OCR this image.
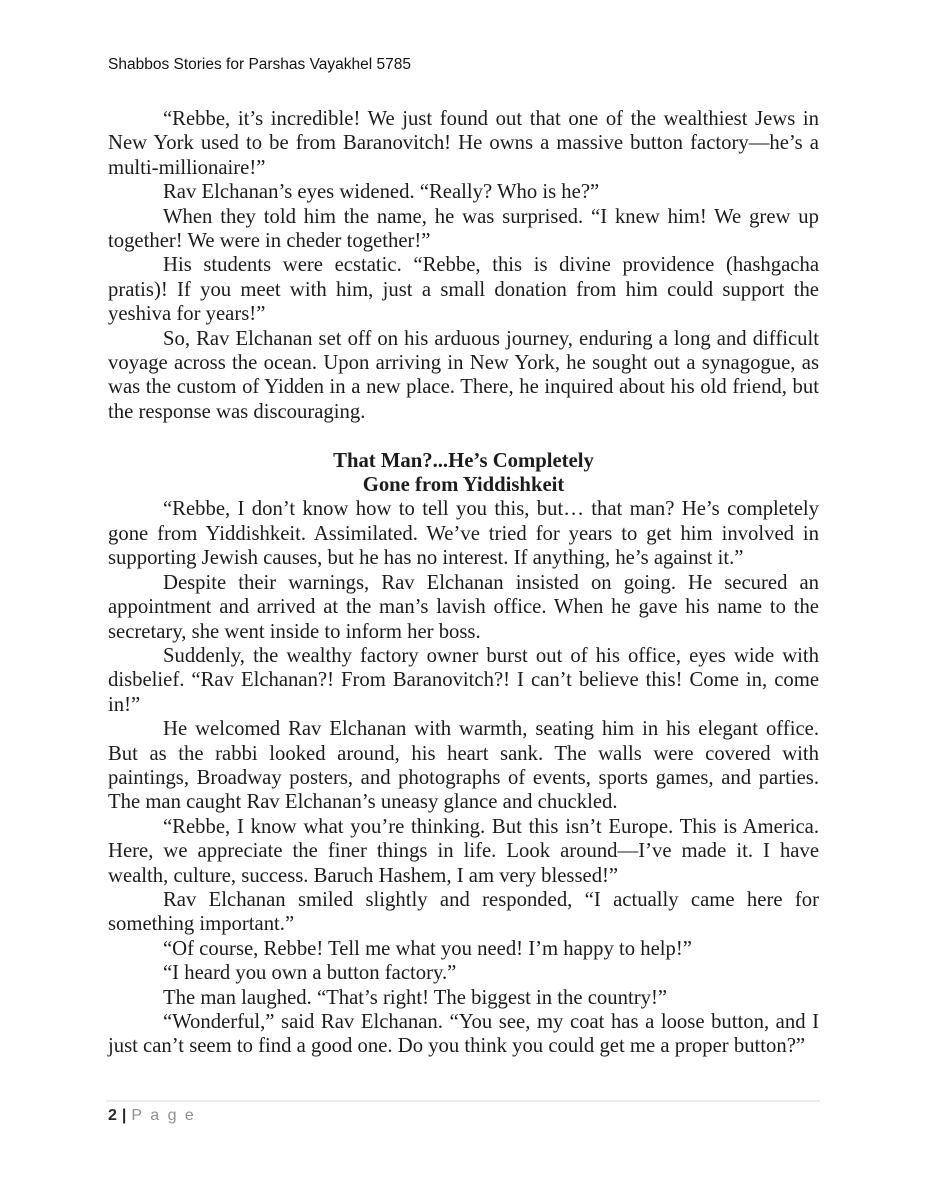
Shabbos Stories for Parshas Vayakhel 5785

“Rebbe, it’s incredible! We just found out that one of the wealthiest Jews in New York used to be from Baranovitch! He owns a massive button factory—he’s a multi-millionaire!”

Rav Elchanan’s eyes widened. “Really? Who is he?”

When they told him the name, he was surprised. “I knew him! We grew up together! We were in cheder together!”

His students were ecstatic. “Rebbe, this is divine providence (hashgacha pratis)! If you meet with him, just a small donation from him could support the yeshiva for years!”

So, Rav Elchanan set off on his arduous journey, enduring a long and difficult voyage across the ocean. Upon arriving in New York, he sought out a synagogue, as was the custom of Yidden in a new place. There, he inquired about his old friend, but the response was discouraging.

That Man?...He’s Completely
Gone from Yiddishkeit

“Rebbe, I don’t know how to tell you this, but… that man? He’s completely gone from Yiddishkeit. Assimilated. We’ve tried for years to get him involved in supporting Jewish causes, but he has no interest. If anything, he’s against it.”

Despite their warnings, Rav Elchanan insisted on going. He secured an appointment and arrived at the man’s lavish office. When he gave his name to the secretary, she went inside to inform her boss.

Suddenly, the wealthy factory owner burst out of his office, eyes wide with disbelief. “Rav Elchanan?! From Baranovitch?! I can’t believe this! Come in, come in!”

He welcomed Rav Elchanan with warmth, seating him in his elegant office. But as the rabbi looked around, his heart sank. The walls were covered with paintings, Broadway posters, and photographs of events, sports games, and parties. The man caught Rav Elchanan’s uneasy glance and chuckled.

“Rebbe, I know what you’re thinking. But this isn’t Europe. This is America. Here, we appreciate the finer things in life. Look around—I’ve made it. I have wealth, culture, success. Baruch Hashem, I am very blessed!”

Rav Elchanan smiled slightly and responded, “I actually came here for something important.”

“Of course, Rebbe! Tell me what you need! I’m happy to help!”

“I heard you own a button factory.”

The man laughed. “That’s right! The biggest in the country!”

“Wonderful,” said Rav Elchanan. “You see, my coat has a loose button, and I just can’t seem to find a good one. Do you think you could get me a proper button?”

2 | P a g e
